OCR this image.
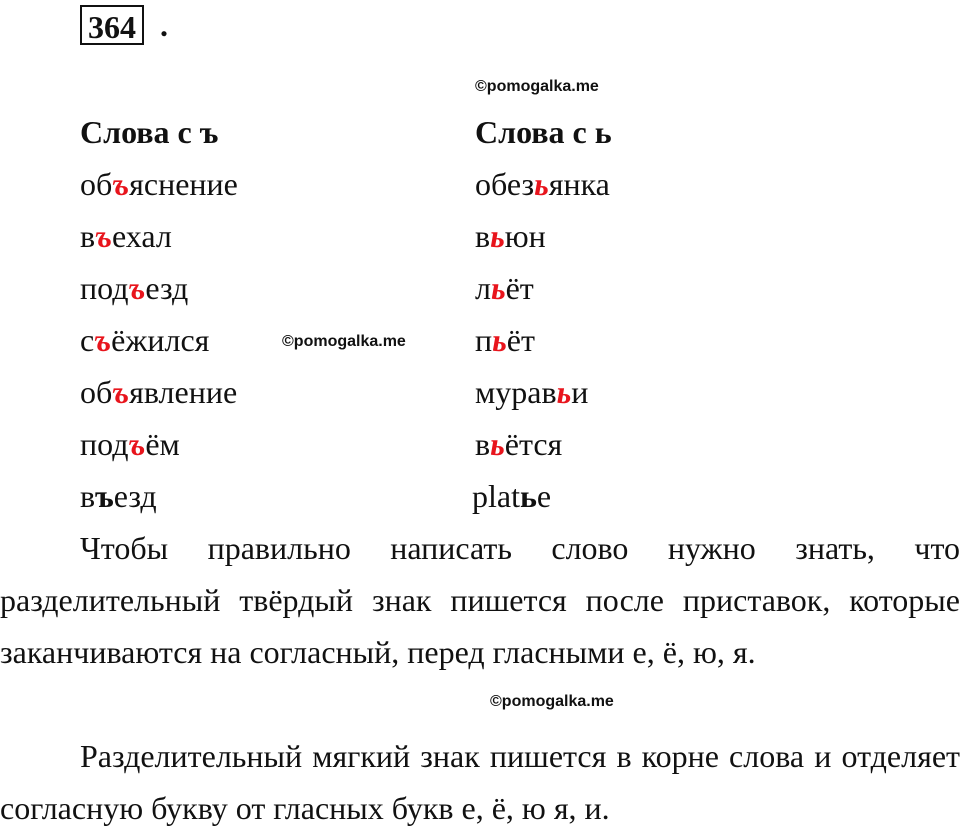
364 .
©pomogalka.me
©pomogalka.me
©pomogalka.me
Слова с ъ	Слова с ь
объяснение
въехал
подъезд
съёжился
объявление
подъём
въезд
обезьянка
вьюн
льёт
пьёт
муравьи
вьётся
platье

Чтобы правильно написать слово нужно знать, что разделительный твёрдый знак пишется после приставок, которые заканчиваются на согласный, перед гласными е, ё, ю, я.

Разделительный мягкий знак пишется в корне слова и отделяет согласную букву от гласных букв е, ё, ю я, и.
